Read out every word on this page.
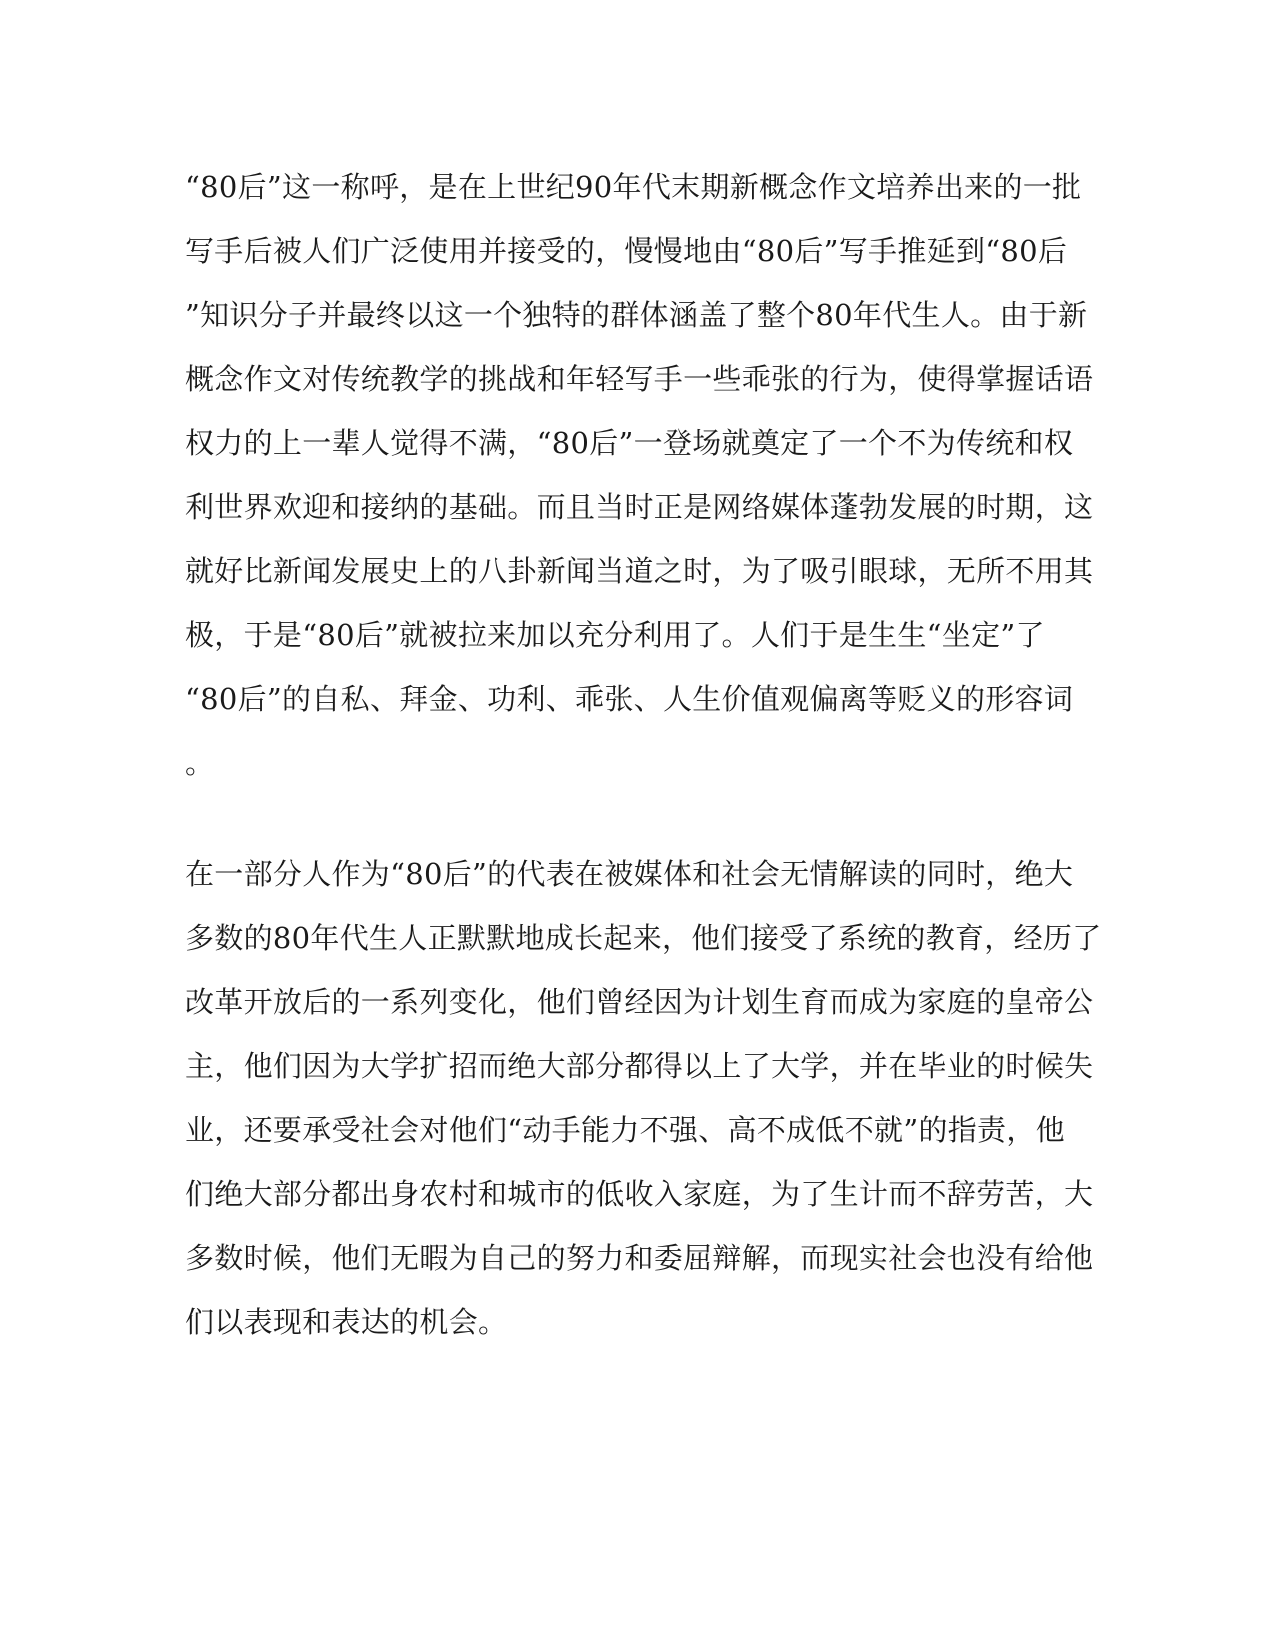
“80后”这一称呼，是在上世纪90年代末期新概念作文培养出来的一批
写手后被人们广泛使用并接受的，慢慢地由“80后”写手推延到“80后
”知识分子并最终以这一个独特的群体涵盖了整个80年代生人。由于新
概念作文对传统教学的挑战和年轻写手一些乖张的行为，使得掌握话语
权力的上一辈人觉得不满，“80后”一登场就奠定了一个不为传统和权
利世界欢迎和接纳的基础。而且当时正是网络媒体蓬勃发展的时期，这
就好比新闻发展史上的八卦新闻当道之时，为了吸引眼球，无所不用其
极，于是“80后”就被拉来加以充分利用了。人们于是生生“坐定”了
“80后”的自私、拜金、功利、乖张、人生价值观偏离等贬义的形容词
。
在一部分人作为“80后”的代表在被媒体和社会无情解读的同时，绝大
多数的80年代生人正默默地成长起来，他们接受了系统的教育，经历了
改革开放后的一系列变化，他们曾经因为计划生育而成为家庭的皇帝公
主，他们因为大学扩招而绝大部分都得以上了大学，并在毕业的时候失
业，还要承受社会对他们“动手能力不强、高不成低不就”的指责，他
们绝大部分都出身农村和城市的低收入家庭，为了生计而不辞劳苦，大
多数时候，他们无暇为自己的努力和委屈辩解，而现实社会也没有给他
们以表现和表达的机会。
